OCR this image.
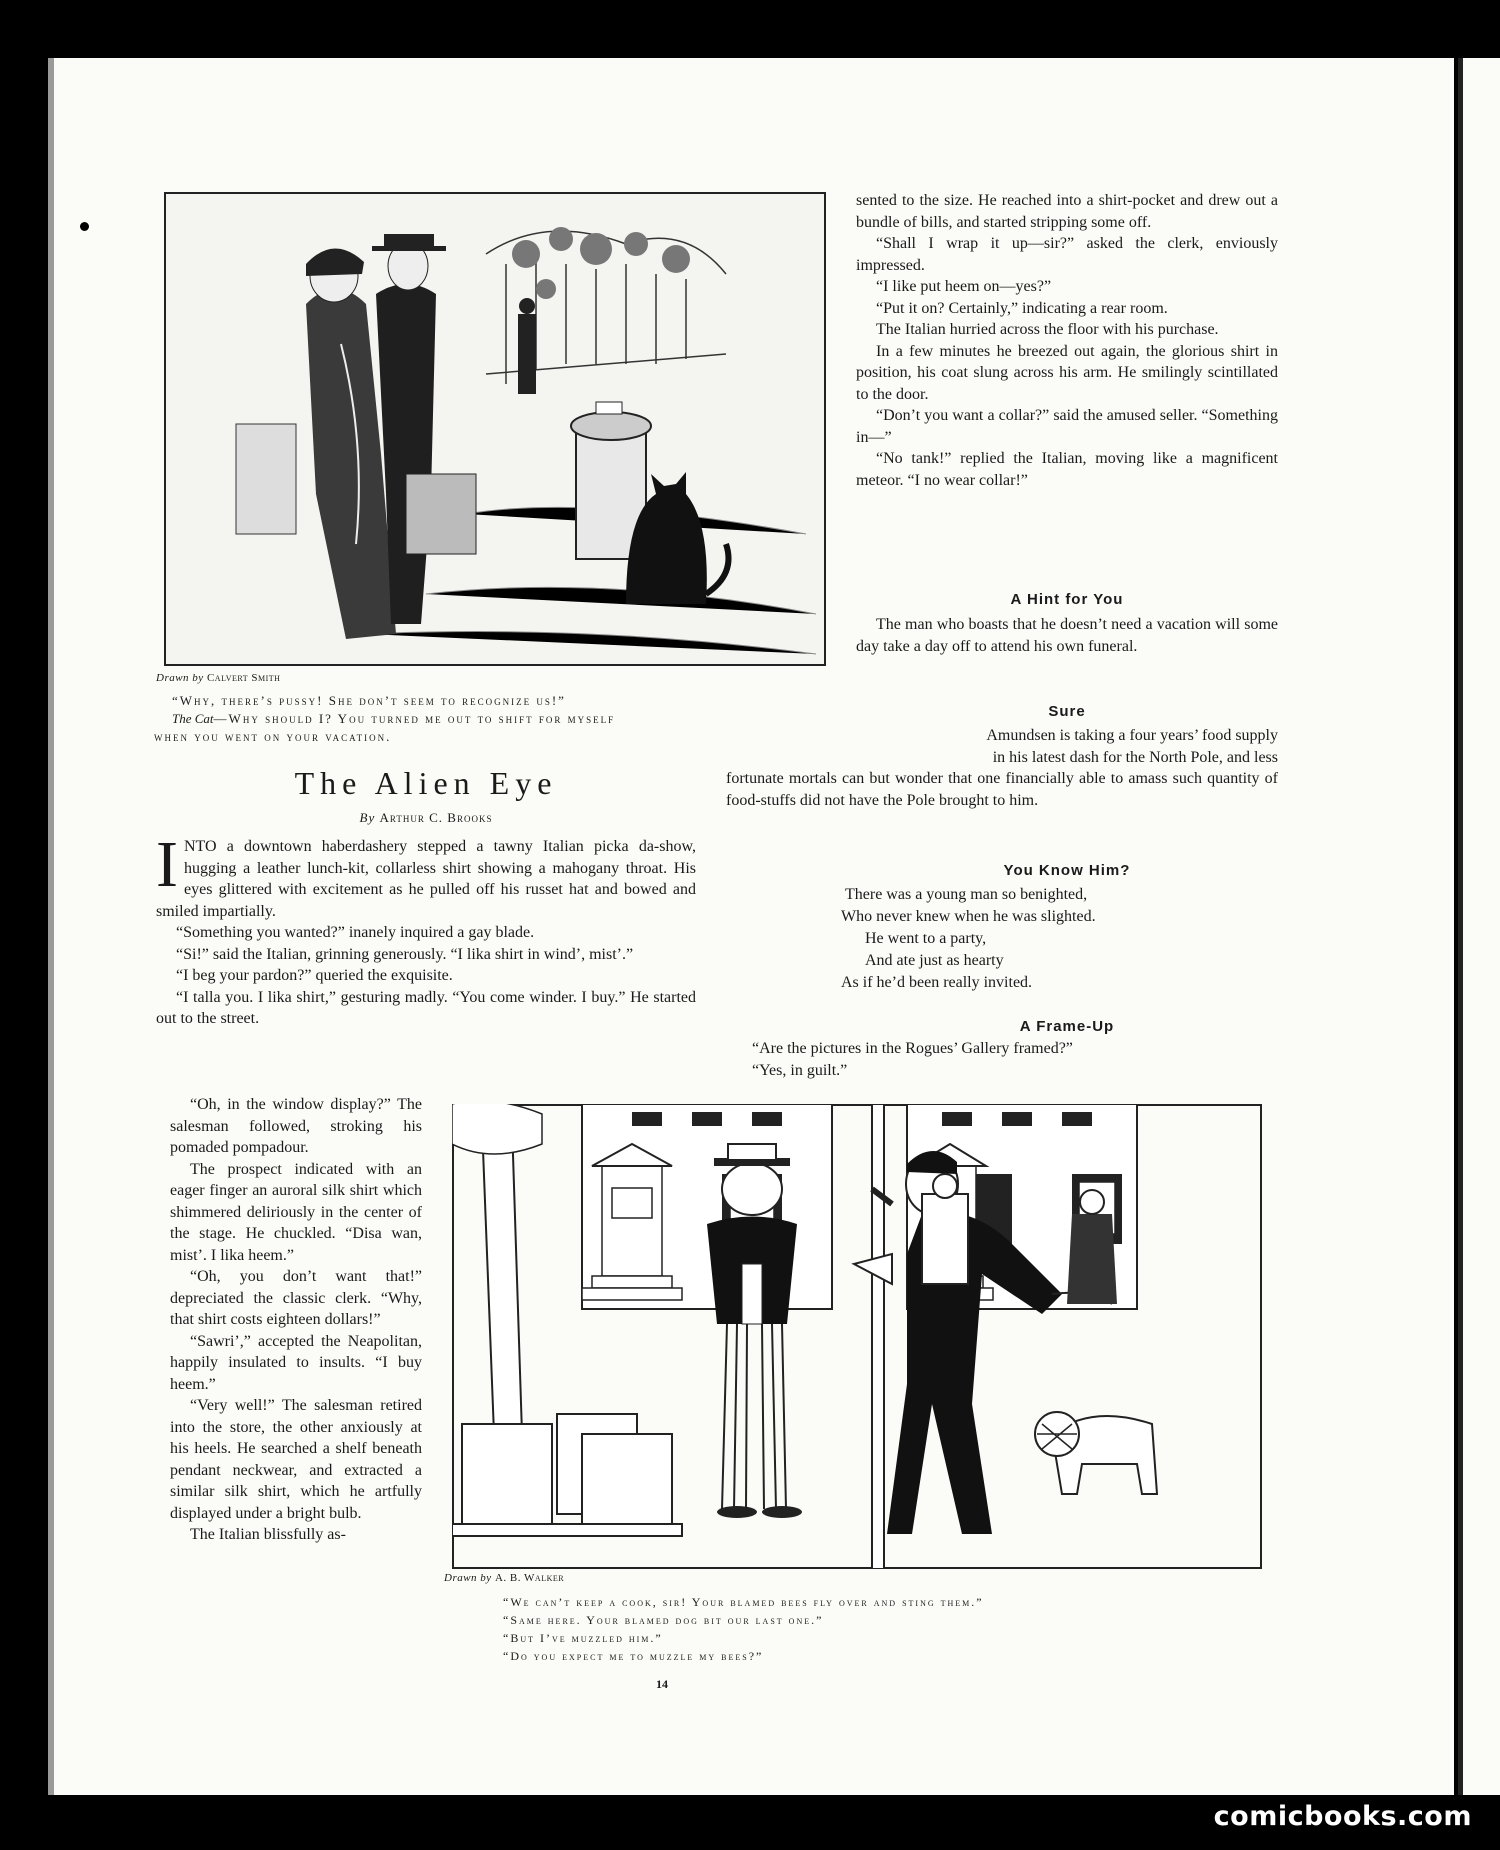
Drawn by Calvert Smith
“Why, there’s pussy! She don’t seem to recognize us!”
The Cat—Why should I? You turned me out to shift for myself
when you went on your vacation.
The Alien Eye
By Arthur C. Brooks

INTO a downtown haberdashery stepped a tawny Italian picka da-show, hugging a leather lunch-kit, collarless shirt showing a mahogany throat. His eyes glittered with excitement as he pulled off his russet hat and bowed and smiled impartially.

“Something you wanted?” inanely inquired a gay blade.

“Si!” said the Italian, grinning generously. “I lika shirt in wind’, mist’.”

“I beg your pardon?” queried the exquisite.

“I talla you. I lika shirt,” gesturing madly. “You come winder. I buy.” He started out to the street.

“Oh, in the window display?” The salesman followed, stroking his pomaded pompadour.

The prospect indicated with an eager finger an auroral silk shirt which shimmered deliriously in the center of the stage. He chuckled. “Disa wan, mist’. I lika heem.”

“Oh, you don’t want that!” depreciated the classic clerk. “Why, that shirt costs eighteen dollars!”

“Sawri’,” accepted the Neapolitan, happily insulated to insults. “I buy heem.”

“Very well!” The salesman retired into the store, the other anxiously at his heels. He searched a shelf beneath pendant neckwear, and extracted a similar silk shirt, which he artfully displayed under a bright bulb.

The Italian blissfully as-

sented to the size. He reached into a shirt-pocket and drew out a bundle of bills, and started stripping some off.

“Shall I wrap it up—sir?” asked the clerk, enviously impressed.

“I like put heem on—yes?”

“Put it on? Certainly,” indicating a rear room.

The Italian hurried across the floor with his purchase.

In a few minutes he breezed out again, the glorious shirt in position, his coat slung across his arm. He smilingly scintillated to the door.

“Don’t you want a collar?” said the amused seller. “Something in—”

“No tank!” replied the Italian, moving like a magnificent meteor. “I no wear collar!”

A Hint for You

The man who boasts that he doesn’t need a vacation will some day take a day off to attend his own funeral.

Sure
Amundsen is taking a four years’ food supply
in his latest dash for the North Pole, and less

fortunate mortals can but wonder that one financially able to amass such quantity of food-stuffs did not have the Pole brought to him.

You Know Him?
There was a young man so benighted,
Who never knew when he was slighted.
He went to a party,
And ate just as hearty
As if he’d been really invited.
A Frame-Up
“Are the pictures in the Rogues’ Gallery framed?”
“Yes, in guilt.”
Drawn by A. B. Walker
“We can’t keep a cook, sir! Your blamed bees fly over and sting them.”
“Same here. Your blamed dog bit our last one.”
“But I’ve muzzled him.”
“Do you expect me to muzzle my bees?”
14
comicbooks.com
